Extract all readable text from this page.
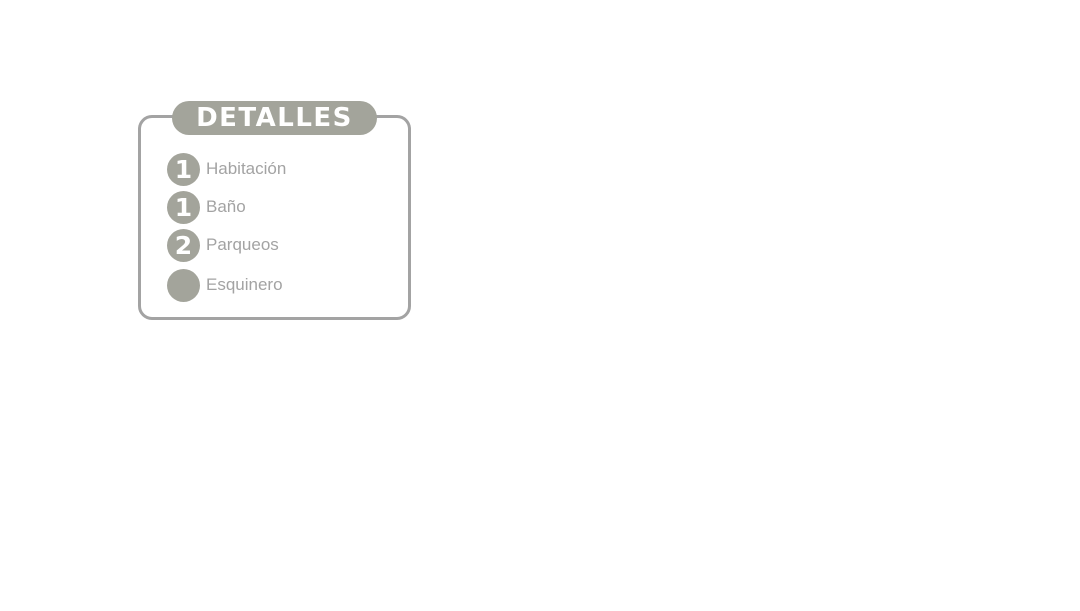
DETALLES
1 Habitación
1 Baño
2 Parqueos
Esquinero
